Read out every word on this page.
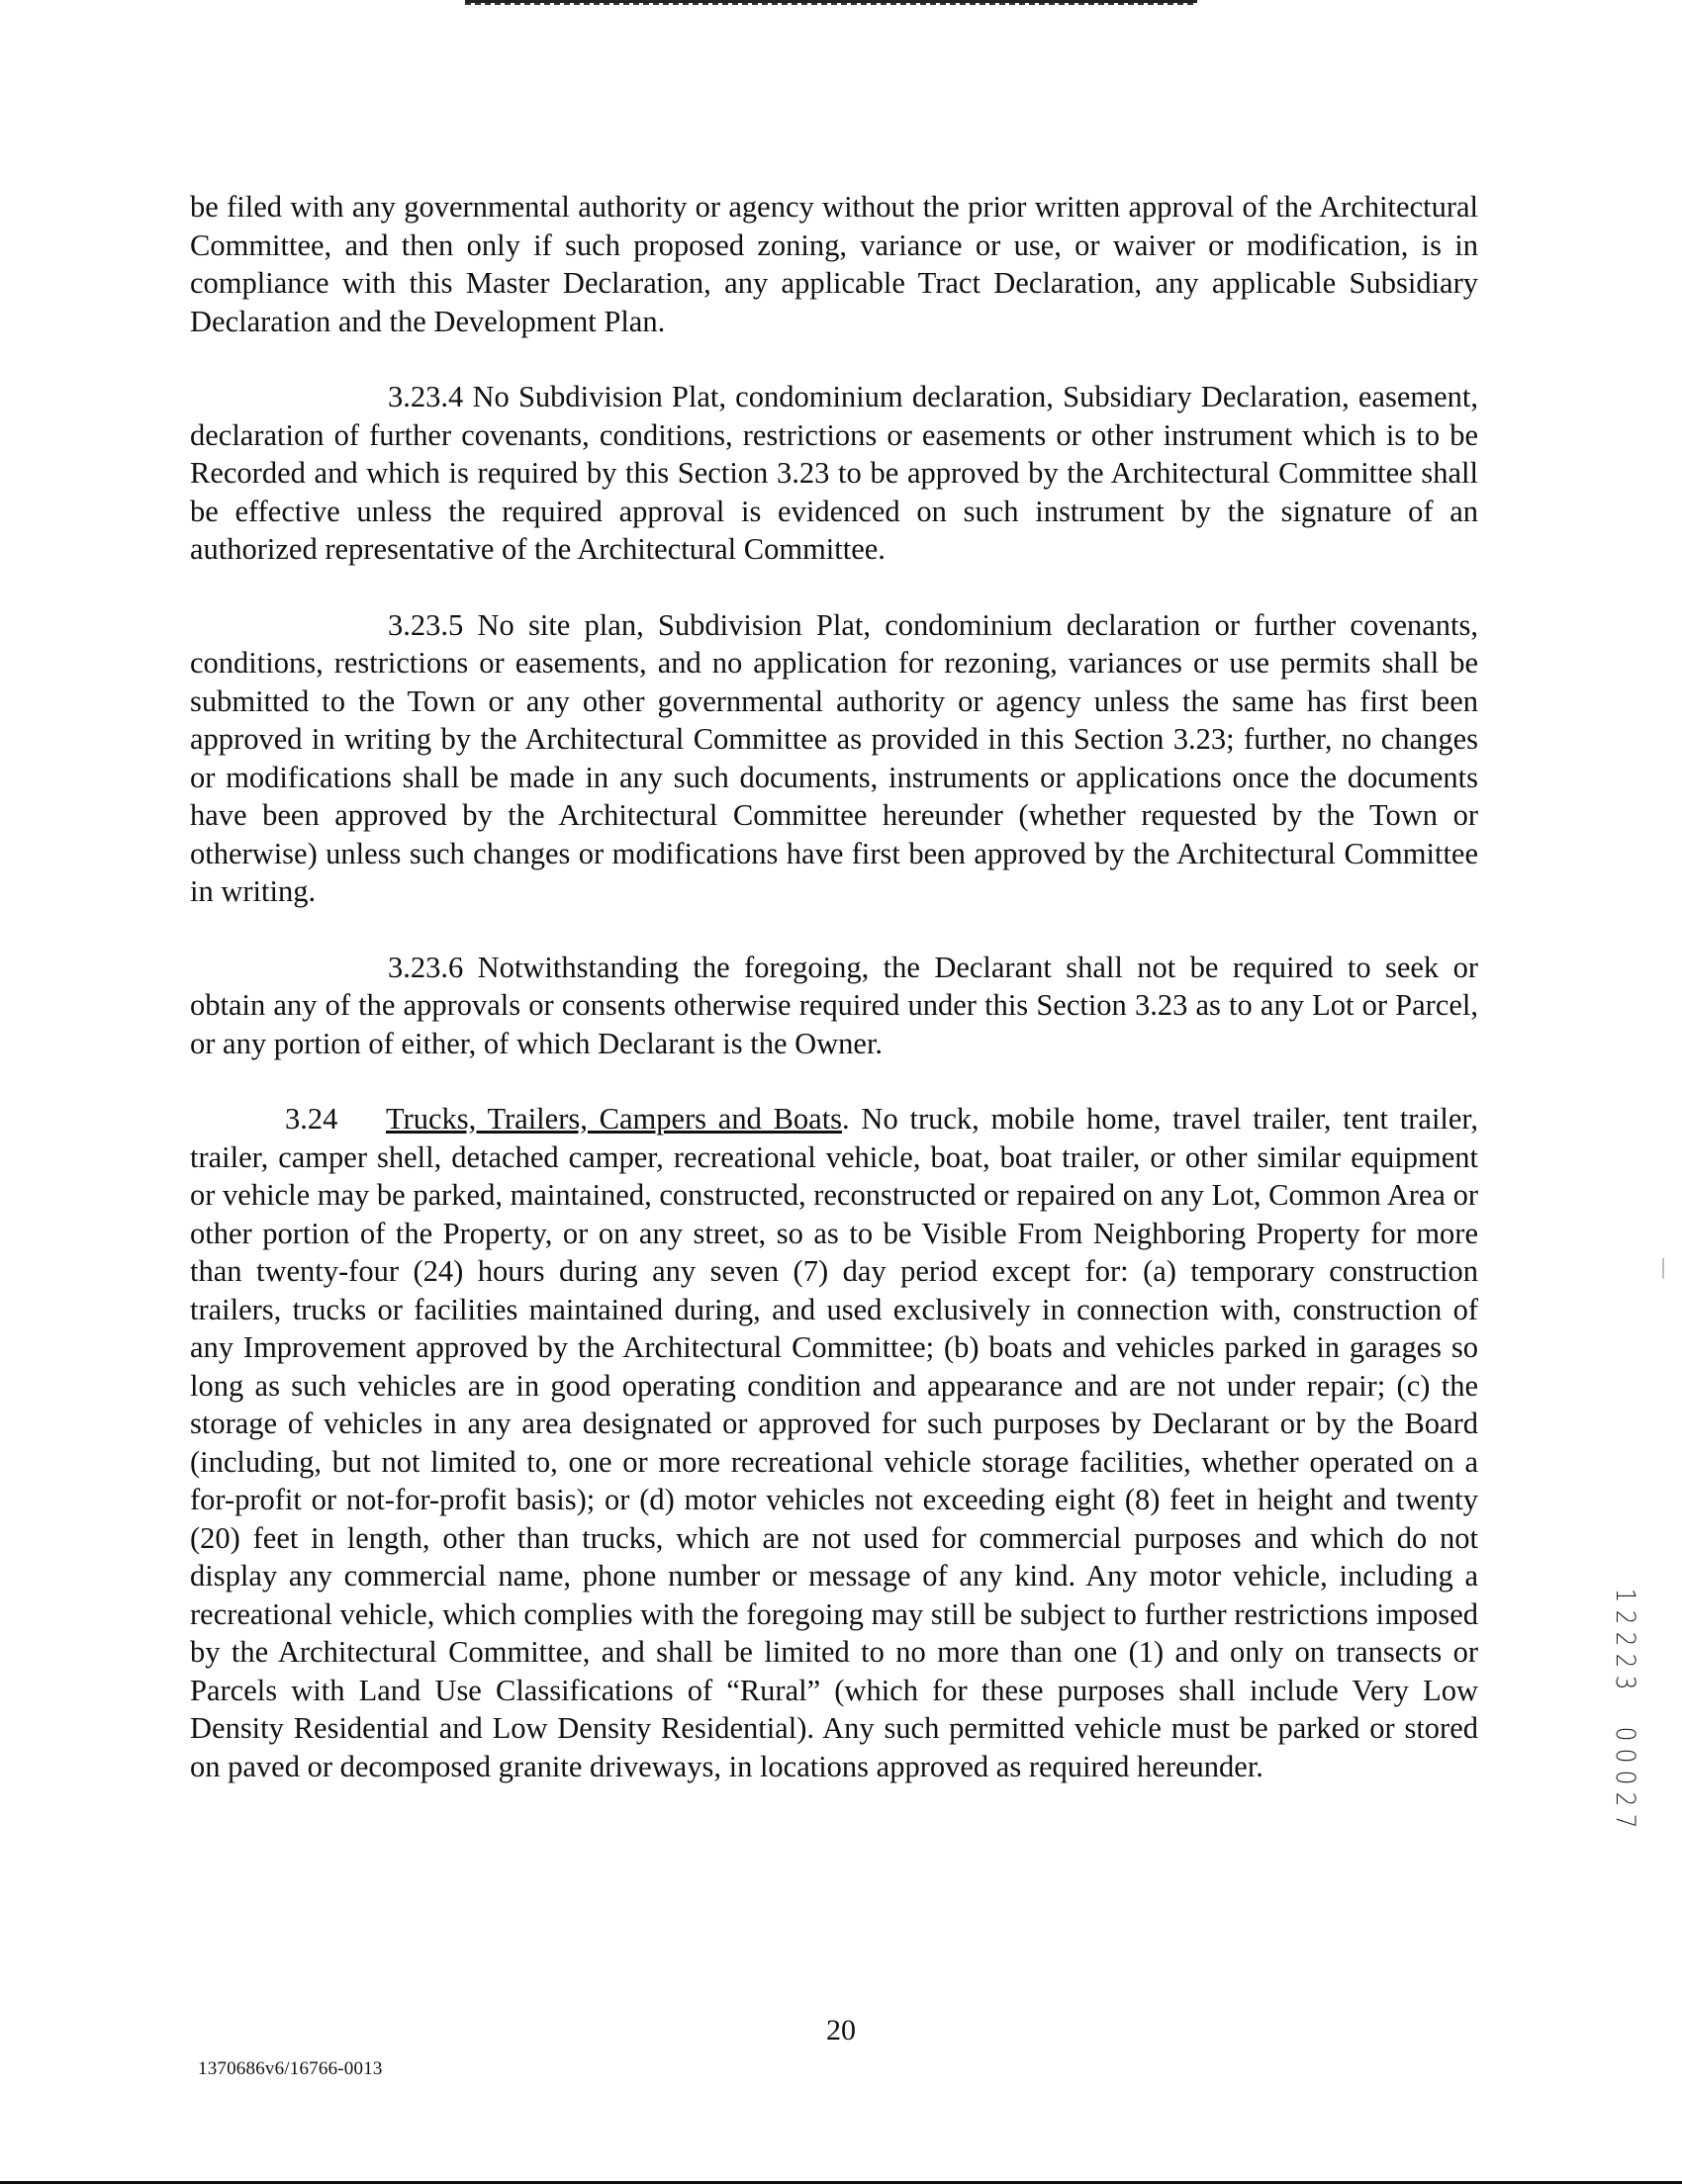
be filed with any governmental authority or agency without the prior written approval of the Architectural Committee, and then only if such proposed zoning, variance or use, or waiver or modification, is in compliance with this Master Declaration, any applicable Tract Declaration, any applicable Subsidiary Declaration and the Development Plan.

3.23.4 No Subdivision Plat, condominium declaration, Subsidiary Declaration, easement, declaration of further covenants, conditions, restrictions or easements or other instrument which is to be Recorded and which is required by this Section 3.23 to be approved by the Architectural Committee shall be effective unless the required approval is evidenced on such instrument by the signature of an authorized representative of the Architectural Committee.

3.23.5 No site plan, Subdivision Plat, condominium declaration or further covenants, conditions, restrictions or easements, and no application for rezoning, variances or use permits shall be submitted to the Town or any other governmental authority or agency unless the same has first been approved in writing by the Architectural Committee as provided in this Section 3.23; further, no changes or modifications shall be made in any such documents, instruments or applications once the documents have been approved by the Architectural Committee hereunder (whether requested by the Town or otherwise) unless such changes or modifications have first been approved by the Architectural Committee in writing.

3.23.6 Notwithstanding the foregoing, the Declarant shall not be required to seek or obtain any of the approvals or consents otherwise required under this Section 3.23 as to any Lot or Parcel, or any portion of either, of which Declarant is the Owner.

3.24 Trucks, Trailers, Campers and Boats. No truck, mobile home, travel trailer, tent trailer, trailer, camper shell, detached camper, recreational vehicle, boat, boat trailer, or other similar equipment or vehicle may be parked, maintained, constructed, reconstructed or repaired on any Lot, Common Area or other portion of the Property, or on any street, so as to be Visible From Neighboring Property for more than twenty-four (24) hours during any seven (7) day period except for: (a) temporary construction trailers, trucks or facilities maintained during, and used exclusively in connection with, construction of any Improvement approved by the Architectural Committee; (b) boats and vehicles parked in garages so long as such vehicles are in good operating condition and appearance and are not under repair; (c) the storage of vehicles in any area designated or approved for such purposes by Declarant or by the Board (including, but not limited to, one or more recreational vehicle storage facilities, whether operated on a for-profit or not-for-profit basis); or (d) motor vehicles not exceeding eight (8) feet in height and twenty (20) feet in length, other than trucks, which are not used for commercial purposes and which do not display any commercial name, phone number or message of any kind. Any motor vehicle, including a recreational vehicle, which complies with the foregoing may still be subject to further restrictions imposed by the Architectural Committee, and shall be limited to no more than one (1) and only on transects or Parcels with Land Use Classifications of “Rural” (which for these purposes shall include Very Low Density Residential and Low Density Residential). Any such permitted vehicle must be parked or stored on paved or decomposed granite driveways, in locations approved as required hereunder.

1
2
2
2
3
0
0
0
2
7
20
1370686v6/16766-0013
